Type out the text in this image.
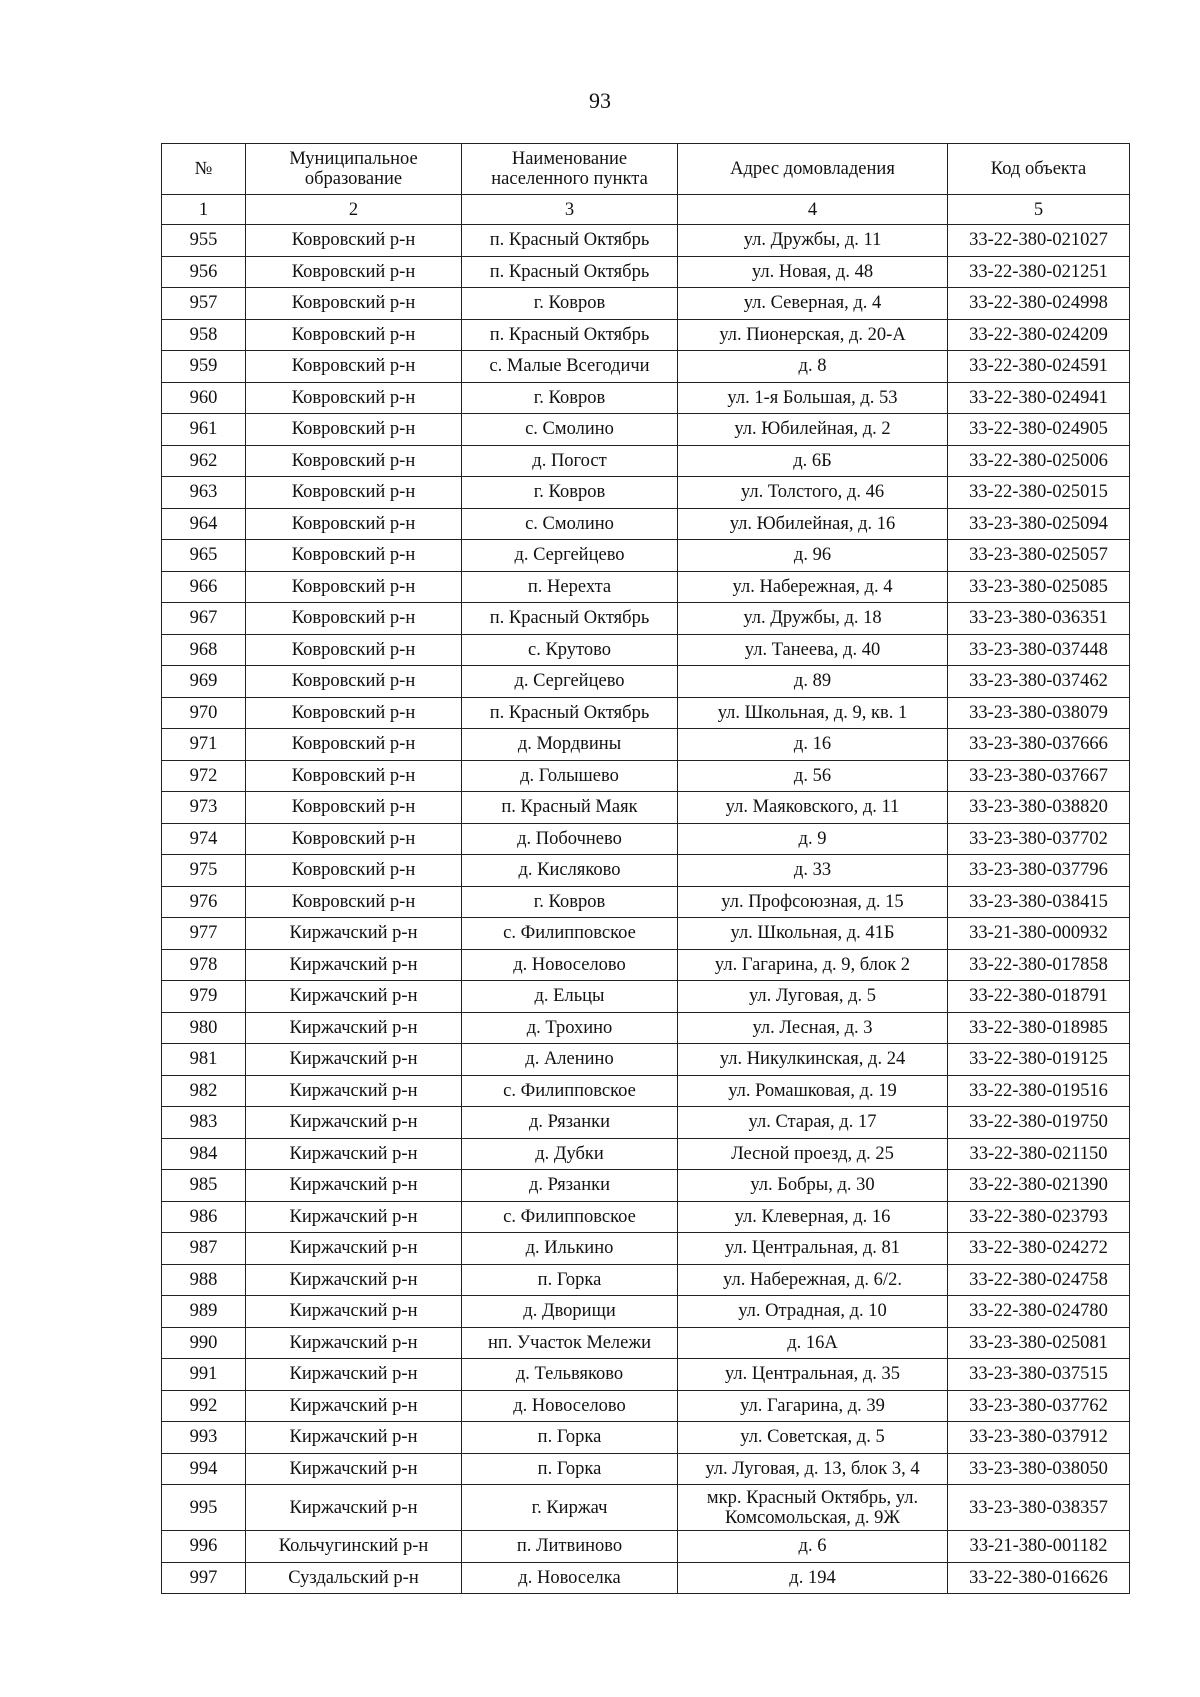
93
№	Муниципальное образование	Наименование населенного пункта	Адрес домовладения	Код объекта
1	2	3	4	5
955	Ковровский р-н	п. Красный Октябрь	ул. Дружбы, д. 11	33-22-380-021027
956	Ковровский р-н	п. Красный Октябрь	ул. Новая, д. 48	33-22-380-021251
957	Ковровский р-н	г. Ковров	ул. Северная, д. 4	33-22-380-024998
958	Ковровский р-н	п. Красный Октябрь	ул. Пионерская, д. 20-А	33-22-380-024209
959	Ковровский р-н	с. Малые Всегодичи	д. 8	33-22-380-024591
960	Ковровский р-н	г. Ковров	ул. 1-я Большая, д. 53	33-22-380-024941
961	Ковровский р-н	с. Смолино	ул. Юбилейная, д. 2	33-22-380-024905
962	Ковровский р-н	д. Погост	д. 6Б	33-22-380-025006
963	Ковровский р-н	г. Ковров	ул. Толстого, д. 46	33-22-380-025015
964	Ковровский р-н	с. Смолино	ул. Юбилейная, д. 16	33-23-380-025094
965	Ковровский р-н	д. Сергейцево	д. 96	33-23-380-025057
966	Ковровский р-н	п. Нерехта	ул. Набережная, д. 4	33-23-380-025085
967	Ковровский р-н	п. Красный Октябрь	ул. Дружбы, д. 18	33-23-380-036351
968	Ковровский р-н	с. Крутово	ул. Танеева, д. 40	33-23-380-037448
969	Ковровский р-н	д. Сергейцево	д. 89	33-23-380-037462
970	Ковровский р-н	п. Красный Октябрь	ул. Школьная, д. 9, кв. 1	33-23-380-038079
971	Ковровский р-н	д. Мордвины	д. 16	33-23-380-037666
972	Ковровский р-н	д. Голышево	д. 56	33-23-380-037667
973	Ковровский р-н	п. Красный Маяк	ул. Маяковского, д. 11	33-23-380-038820
974	Ковровский р-н	д. Побочнево	д. 9	33-23-380-037702
975	Ковровский р-н	д. Кисляково	д. 33	33-23-380-037796
976	Ковровский р-н	г. Ковров	ул. Профсоюзная, д. 15	33-23-380-038415
977	Киржачский р-н	с. Филипповское	ул. Школьная, д. 41Б	33-21-380-000932
978	Киржачский р-н	д. Новоселово	ул. Гагарина, д. 9, блок 2	33-22-380-017858
979	Киржачский р-н	д. Ельцы	ул. Луговая, д. 5	33-22-380-018791
980	Киржачский р-н	д. Трохино	ул. Лесная, д. 3	33-22-380-018985
981	Киржачский р-н	д. Аленино	ул. Никулкинская, д. 24	33-22-380-019125
982	Киржачский р-н	с. Филипповское	ул. Ромашковая, д. 19	33-22-380-019516
983	Киржачский р-н	д. Рязанки	ул. Старая, д. 17	33-22-380-019750
984	Киржачский р-н	д. Дубки	Лесной проезд, д. 25	33-22-380-021150
985	Киржачский р-н	д. Рязанки	ул. Бобры, д. 30	33-22-380-021390
986	Киржачский р-н	с. Филипповское	ул. Клеверная, д. 16	33-22-380-023793
987	Киржачский р-н	д. Илькино	ул. Центральная, д. 81	33-22-380-024272
988	Киржачский р-н	п. Горка	ул. Набережная, д. 6/2.	33-22-380-024758
989	Киржачский р-н	д. Дворищи	ул. Отрадная, д. 10	33-22-380-024780
990	Киржачский р-н	нп. Участок Мележи	д. 16А	33-23-380-025081
991	Киржачский р-н	д. Тельвяково	ул. Центральная, д. 35	33-23-380-037515
992	Киржачский р-н	д. Новоселово	ул. Гагарина, д. 39	33-23-380-037762
993	Киржачский р-н	п. Горка	ул. Советская, д. 5	33-23-380-037912
994	Киржачский р-н	п. Горка	ул. Луговая, д. 13, блок 3, 4	33-23-380-038050
995	Киржачский р-н	г. Киржач	мкр. Красный Октябрь, ул. Комсомольская, д. 9Ж	33-23-380-038357
996	Кольчугинский р-н	п. Литвиново	д. 6	33-21-380-001182
997	Суздальский р-н	д. Новоселка	д. 194	33-22-380-016626
